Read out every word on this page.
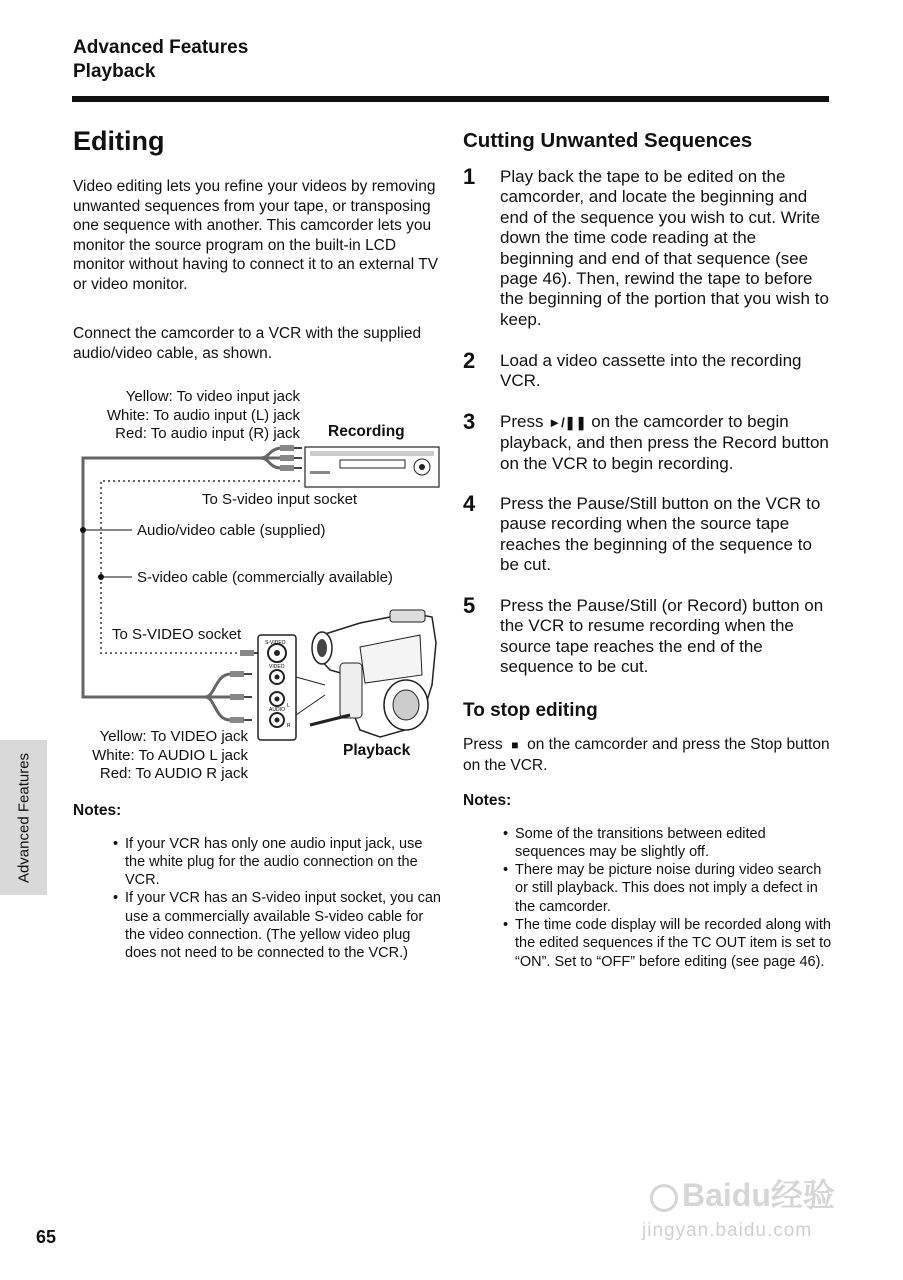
Advanced Features
Playback
Editing
Video editing lets you refine your videos by removing unwanted sequences from your tape, or transposing one sequence with another. This camcorder lets you monitor the source program on the built-in LCD monitor without having to connect it to an external TV or video monitor.
Connect the camcorder to a VCR with the supplied audio/video cable, as shown.
S-VIDEO
VIDEO
AUDIO
L
R
Yellow: To video input jack
White: To audio input (L) jack
Red: To audio input (R) jack Recording
To S-video input socket
Audio/video cable (supplied)
S-video cable (commercially available)
To S-VIDEO socket
Yellow: To VIDEO jack
White: To AUDIO L jack
Red: To AUDIO R jack
Playback
Notes:
• If your VCR has only one audio input jack, use the white plug for the audio connection on the VCR.
• If your VCR has an S-video input socket, you can use a commercially available S-video cable for the video connection. (The yellow video plug does not need to be connected to the VCR.)
Cutting Unwanted Sequences
1 Play back the tape to be edited on the camcorder, and locate the beginning and end of the sequence you wish to cut. Write down the time code reading at the beginning and end of that sequence (see page 46). Then, rewind the tape to before the beginning of the portion that you wish to keep.
2 Load a video cassette into the recording VCR.
3 Press ►/❚❚ on the camcorder to begin playback, and then press the Record button on the VCR to begin recording.
4 Press the Pause/Still button on the VCR to pause recording when the source tape reaches the beginning of the sequence to be cut.
5 Press the Pause/Still (or Record) button on the VCR to resume recording when the source tape reaches the end of the sequence to be cut.
To stop editing
Press ■ on the camcorder and press the Stop button on the VCR.
Notes:
• Some of the transitions between edited sequences may be slightly off.
• There may be picture noise during video search or still playback. This does not imply a defect in the camcorder.
• The time code display will be recorded along with the edited sequences if the TC OUT item is set to “ON”. Set to “OFF” before editing (see page 46).
Advanced Features
65
Baidu经验
jingyan.baidu.com
